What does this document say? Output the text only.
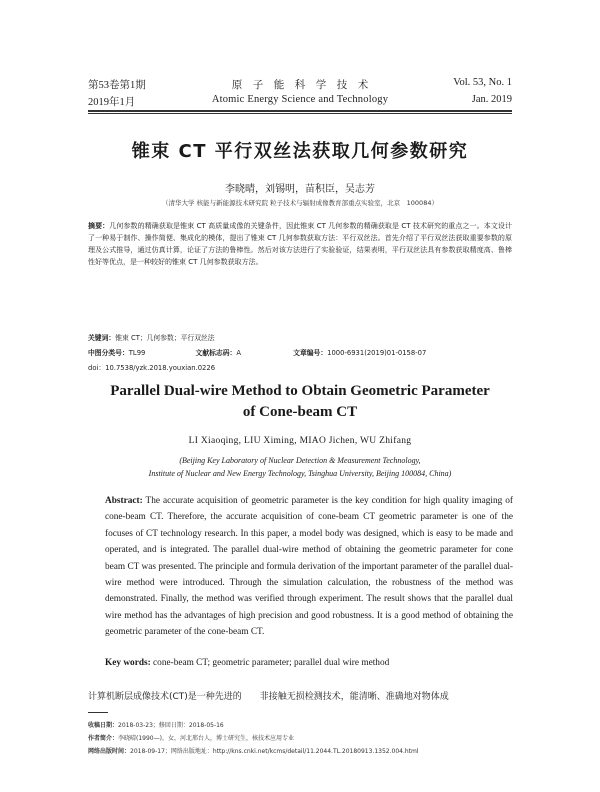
第53卷第1期
2019年1月
原　子　能　科　学　技　术
Atomic Energy Science and Technology
Vol. 53, No. 1
Jan. 2019
锥束 CT 平行双丝法获取几何参数研究
李晓晴，刘锡明，苗积臣，吴志芳
（清华大学 核能与新能源技术研究院 粒子技术与辐射成像教育部重点实验室，北京　100084）
摘要：几何参数的精确获取是锥束 CT 高质量成像的关键条件，因此锥束 CT 几何参数的精确获取是 CT 技术研究的重点之一。本文设计了一种易于制作、操作简便、集成化的模体，提出了锥束 CT 几何参数获取方法：平行双丝法。首先介绍了平行双丝法获取重要参数的原理及公式推导，通过仿真计算，论证了方法的鲁棒性。然后对该方法进行了实验验证，结果表明，平行双丝法具有参数获取精度高、鲁棒性好等优点，是一种较好的锥束 CT 几何参数获取方法。
关键词：锥束 CT；几何参数；平行双丝法
中图分类号：TL99	文献标志码：A	文章编号：1000-6931(2019)01-0158-07
doi：10.7538/yzk.2018.youxian.0226
Parallel Dual-wire Method to Obtain Geometric Parameter
of Cone-beam CT
LI Xiaoqing, LIU Ximing, MIAO Jichen, WU Zhifang
(Beijing Key Laboratory of Nuclear Detection & Measurement Technology,
Institute of Nuclear and New Energy Technology, Tsinghua University, Beijing 100084, China)
Abstract: The accurate acquisition of geometric parameter is the key condition for high quality imaging of cone-beam CT. Therefore, the accurate acquisition of cone-beam CT geometric parameter is one of the focuses of CT technology research. In this paper, a model body was designed, which is easy to be made and operated, and is integrated. The parallel dual-wire method of obtaining the geometric parameter for cone beam CT was presented. The principle and formula derivation of the important parameter of the parallel dual-wire method were introduced. Through the simulation calculation, the robustness of the method was demonstrated. Finally, the method was verified through experiment. The result shows that the parallel dual wire method has the advantages of high precision and good robustness. It is a good method of obtaining the geometric parameter of the cone-beam CT.
Key words: cone-beam CT; geometric parameter; parallel dual wire method
计算机断层成像技术(CT)是一种先进的　　非接触无损检测技术，能清晰、准确地对物体成
收稿日期：2018-03-23；修回日期：2018-05-16
作者简介：李晓晴(1990—)，女，河北邢台人，博士研究生，核技术应用专业
网络出版时间：2018-09-17；网络出版地址：http://kns.cnki.net/kcms/detail/11.2044.TL.20180913.1352.004.html
